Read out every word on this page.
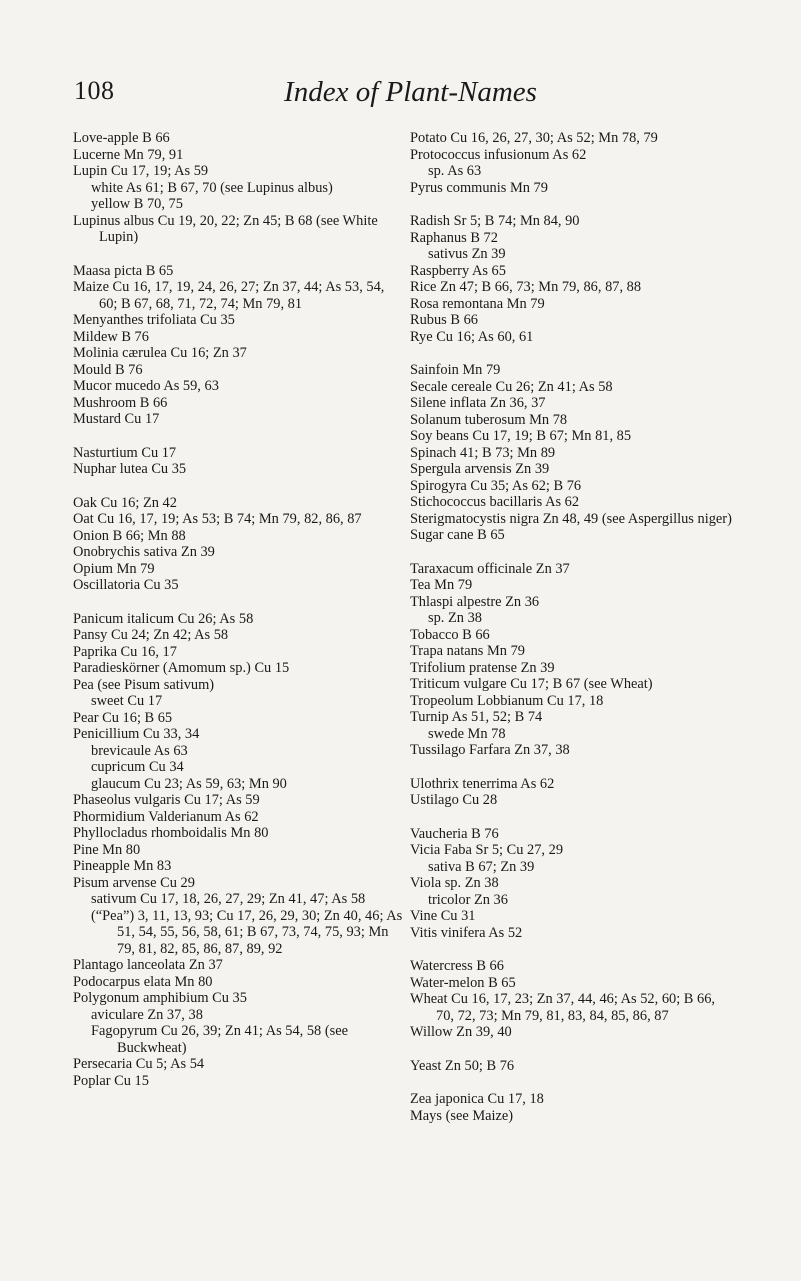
108	Index of Plant-Names
Love-apple B 66
Lucerne Mn 79, 91
Lupin Cu 17, 19; As 59
white As 61; B 67, 70 (see Lupinus albus)
yellow B 70, 75
Lupinus albus Cu 19, 20, 22; Zn 45; B 68 (see White Lupin)
Maasa picta B 65
Maize Cu 16, 17, 19, 24, 26, 27; Zn 37, 44; As 53, 54, 60; B 67, 68, 71, 72, 74; Mn 79, 81
Menyanthes trifoliata Cu 35
Mildew B 76
Molinia cærulea Cu 16; Zn 37
Mould B 76
Mucor mucedo As 59, 63
Mushroom B 66
Mustard Cu 17
Nasturtium Cu 17
Nuphar lutea Cu 35
Oak Cu 16; Zn 42
Oat Cu 16, 17, 19; As 53; B 74; Mn 79, 82, 86, 87
Onion B 66; Mn 88
Onobrychis sativa Zn 39
Opium Mn 79
Oscillatoria Cu 35
Panicum italicum Cu 26; As 58
Pansy Cu 24; Zn 42; As 58
Paprika Cu 16, 17
Paradieskörner (Amomum sp.) Cu 15
Pea (see Pisum sativum)
sweet Cu 17
Pear Cu 16; B 65
Penicillium Cu 33, 34
brevicaule As 63
cupricum Cu 34
glaucum Cu 23; As 59, 63; Mn 90
Phaseolus vulgaris Cu 17; As 59
Phormidium Valderianum As 62
Phyllocladus rhomboidalis Mn 80
Pine Mn 80
Pineapple Mn 83
Pisum arvense Cu 29
sativum Cu 17, 18, 26, 27, 29; Zn 41, 47; As 58
(“Pea”) 3, 11, 13, 93; Cu 17, 26, 29, 30; Zn 40, 46; As 51, 54, 55, 56, 58, 61; B 67, 73, 74, 75, 93; Mn 79, 81, 82, 85, 86, 87, 89, 92
Plantago lanceolata Zn 37
Podocarpus elata Mn 80
Polygonum amphibium Cu 35
aviculare Zn 37, 38
Fagopyrum Cu 26, 39; Zn 41; As 54, 58 (see Buckwheat)
Persecaria Cu 5; As 54
Poplar Cu 15
Potato Cu 16, 26, 27, 30; As 52; Mn 78, 79
Protococcus infusionum As 62
sp. As 63
Pyrus communis Mn 79
Radish Sr 5; B 74; Mn 84, 90
Raphanus B 72
sativus Zn 39
Raspberry As 65
Rice Zn 47; B 66, 73; Mn 79, 86, 87, 88
Rosa remontana Mn 79
Rubus B 66
Rye Cu 16; As 60, 61
Sainfoin Mn 79
Secale cereale Cu 26; Zn 41; As 58
Silene inflata Zn 36, 37
Solanum tuberosum Mn 78
Soy beans Cu 17, 19; B 67; Mn 81, 85
Spinach 41; B 73; Mn 89
Spergula arvensis Zn 39
Spirogyra Cu 35; As 62; B 76
Stichococcus bacillaris As 62
Sterigmatocystis nigra Zn 48, 49 (see Aspergillus niger)
Sugar cane B 65
Taraxacum officinale Zn 37
Tea Mn 79
Thlaspi alpestre Zn 36
sp. Zn 38
Tobacco B 66
Trapa natans Mn 79
Trifolium pratense Zn 39
Triticum vulgare Cu 17; B 67 (see Wheat)
Tropeolum Lobbianum Cu 17, 18
Turnip As 51, 52; B 74
swede Mn 78
Tussilago Farfara Zn 37, 38
Ulothrix tenerrima As 62
Ustilago Cu 28
Vaucheria B 76
Vicia Faba Sr 5; Cu 27, 29
sativa B 67; Zn 39
Viola sp. Zn 38
tricolor Zn 36
Vine Cu 31
Vitis vinifera As 52
Watercress B 66
Water-melon B 65
Wheat Cu 16, 17, 23; Zn 37, 44, 46; As 52, 60; B 66, 70, 72, 73; Mn 79, 81, 83, 84, 85, 86, 87
Willow Zn 39, 40
Yeast Zn 50; B 76
Zea japonica Cu 17, 18
Mays (see Maize)
